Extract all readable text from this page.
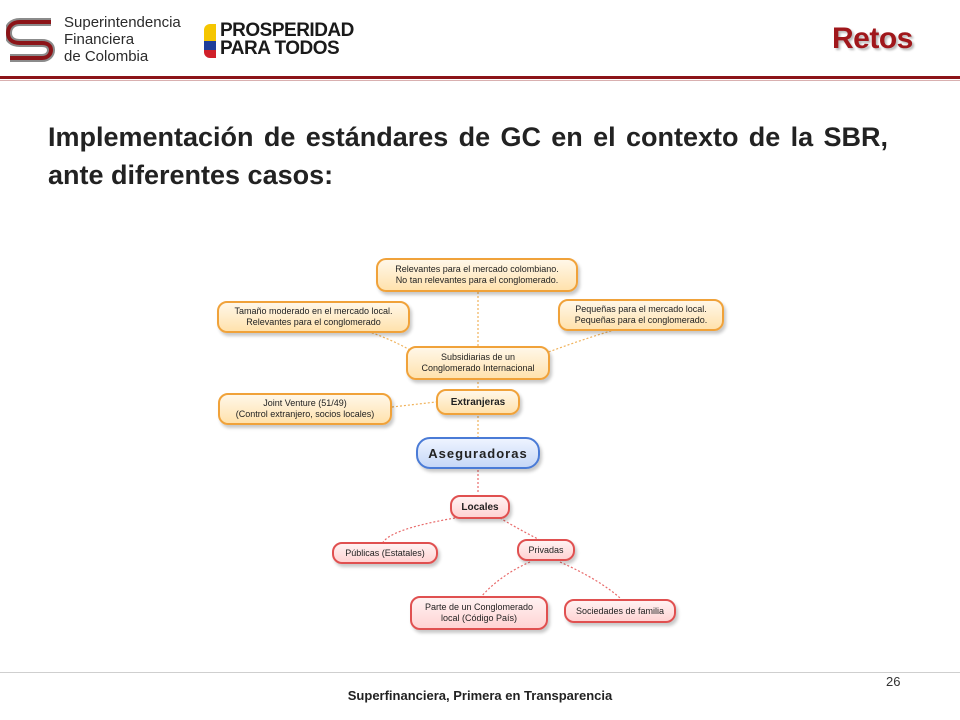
Superintendencia
Financiera
de Colombia
PROSPERIDAD
PARA TODOS	Retos
Implementación de estándares de GC en el contexto de la SBR, ante diferentes casos:
Relevantes para el mercado colombiano.
No tan relevantes para el conglomerado.
Tamaño moderado en el mercado local.
Relevantes para el conglomerado
Pequeñas para el mercado local.
Pequeñas para el conglomerado.
Subsidiarias de un
Conglomerado Internacional
Joint Venture (51/49)
(Control extranjero, socios locales)
Extranjeras
Aseguradoras
Locales
Públicas (Estatales)	Privadas
Parte de un Conglomerado
local (Código País)
Sociedades de familia
26
Superfinanciera, Primera en Transparencia
